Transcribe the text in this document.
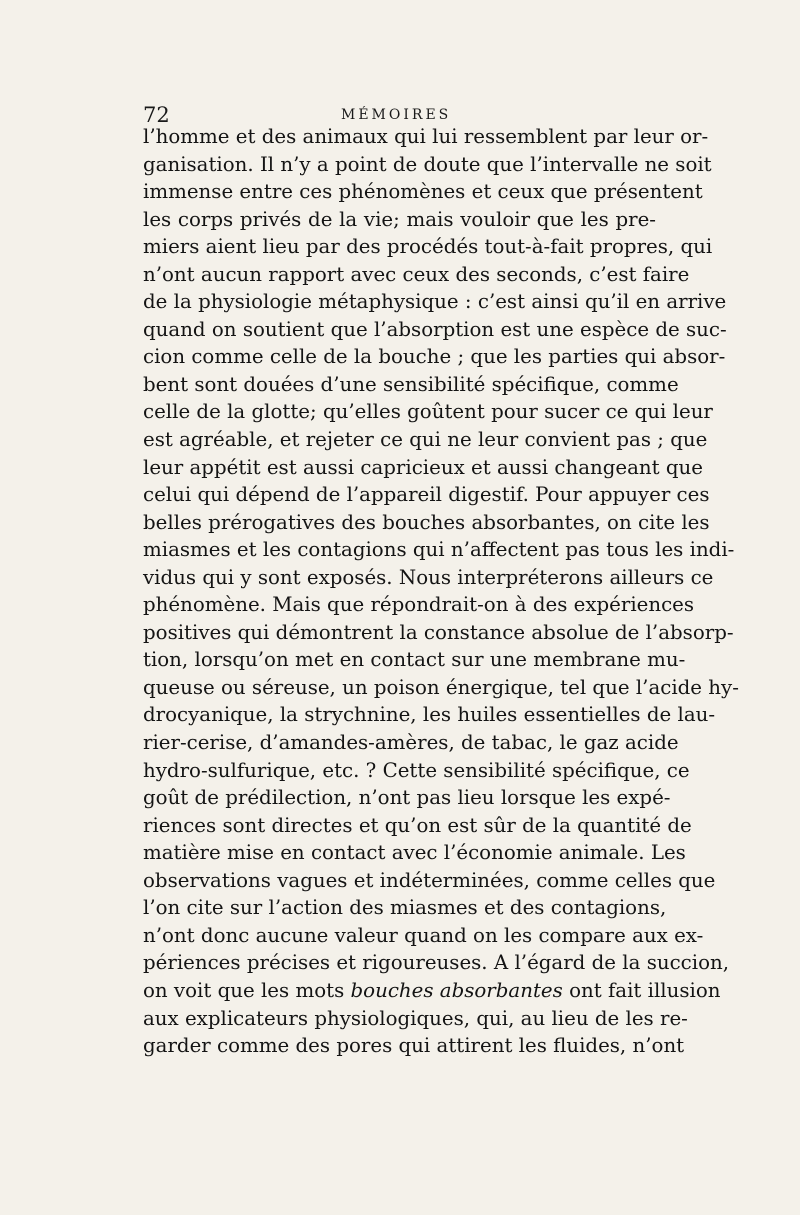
72	MÉMOIRES
l’homme et des animaux qui lui ressemblent par leur or-
ganisation. Il n’y a point de doute que l’intervalle ne soit
immense entre ces phénomènes et ceux que présentent
les corps privés de la vie; mais vouloir que les pre-
miers aient lieu par des procédés tout-à-fait propres, qui
n’ont aucun rapport avec ceux des seconds, c’est faire
de la physiologie métaphysique : c’est ainsi qu’il en arrive
quand on soutient que l’absorption est une espèce de suc-
cion comme celle de la bouche ; que les parties qui absor-
bent sont douées d’une sensibilité spécifique, comme
celle de la glotte; qu’elles goûtent pour sucer ce qui leur
est agréable, et rejeter ce qui ne leur convient pas ; que
leur appétit est aussi capricieux et aussi changeant que
celui qui dépend de l’appareil digestif. Pour appuyer ces
belles prérogatives des bouches absorbantes, on cite les
miasmes et les contagions qui n’affectent pas tous les indi-
vidus qui y sont exposés. Nous interpréterons ailleurs ce
phénomène. Mais que répondrait-on à des expériences
positives qui démontrent la constance absolue de l’absorp-
tion, lorsqu’on met en contact sur une membrane mu-
queuse ou séreuse, un poison énergique, tel que l’acide hy-
drocyanique, la strychnine, les huiles essentielles de lau-
rier-cerise, d’amandes-amères, de tabac, le gaz acide
hydro-sulfurique, etc. ? Cette sensibilité spécifique, ce
goût de prédilection, n’ont pas lieu lorsque les expé-
riences sont directes et qu’on est sûr de la quantité de
matière mise en contact avec l’économie animale. Les
observations vagues et indéterminées, comme celles que
l’on cite sur l’action des miasmes et des contagions,
n’ont donc aucune valeur quand on les compare aux ex-
périences précises et rigoureuses. A l’égard de la succion,
on voit que les mots bouches absorbantes ont fait illusion
aux explicateurs physiologiques, qui, au lieu de les re-
garder comme des pores qui attirent les fluides, n’ont
